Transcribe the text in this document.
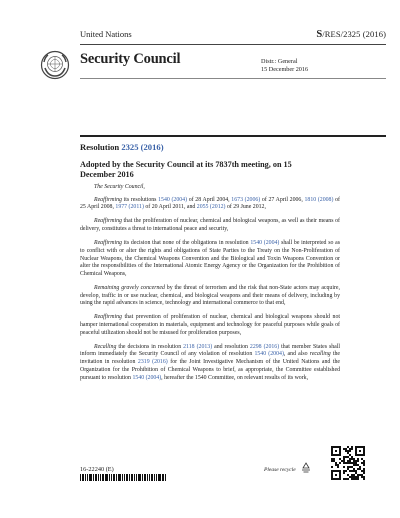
United Nations	S/RES/2325 (2016)
Security Council	Distr.: General
15 December 2016
Resolution 2325 (2016)
Adopted by the Security Council at its 7837th meeting, on 15 December 2016

The Security Council,

Reaffirming its resolutions 1540 (2004) of 28 April 2004, 1673 (2006) of 27 April 2006, 1810 (2008) of 25 April 2008, 1977 (2011) of 20 April 2011, and 2055 (2012) of 29 June 2012,

Reaffirming that the proliferation of nuclear, chemical and biological weapons, as well as their means of delivery, constitutes a threat to international peace and security,

Reaffirming its decision that none of the obligations in resolution 1540 (2004) shall be interpreted so as to conflict with or alter the rights and obligations of State Parties to the Treaty on the Non-Proliferation of Nuclear Weapons, the Chemical Weapons Convention and the Biological and Toxin Weapons Convention or alter the responsibilities of the International Atomic Energy Agency or the Organization for the Prohibition of Chemical Weapons,

Remaining gravely concerned by the threat of terrorism and the risk that non-State actors may acquire, develop, traffic in or use nuclear, chemical, and biological weapons and their means of delivery, including by using the rapid advances in science, technology and international commerce to that end,

Reaffirming that prevention of proliferation of nuclear, chemical and biological weapons should not hamper international cooperation in materials, equipment and technology for peaceful purposes while goals of peaceful utilization should not be misused for proliferation purposes,

Recalling the decisions in resolution 2118 (2013) and resolution 2298 (2016) that member States shall inform immediately the Security Council of any violation of resolution 1540 (2004), and also recalling the invitation in resolution 2319 (2016) for the Joint Investigative Mechanism of the United Nations and the Organization for the Prohibition of Chemical Weapons to brief, as appropriate, the Committee established pursuant to resolution 1540 (2004), hereafter the 1540 Committee, on relevant results of its work,

16-22240 (E)	Please recycle
